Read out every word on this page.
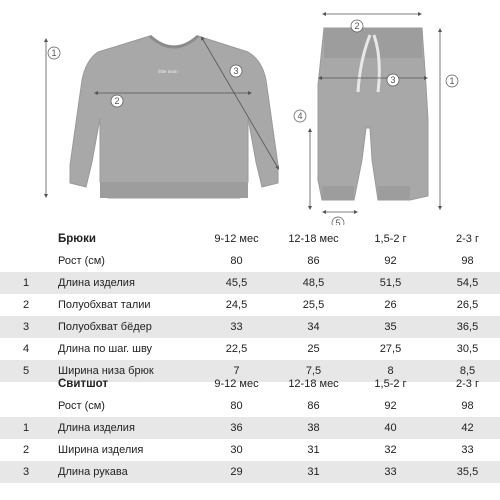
little team
1
2
3
2
3	1
4
5
	Брюки	9-12 мес	12-18 мес	1,5-2 г	2-3 г
	Рост (см)	80	86	92	98
1	Длина изделия	45,5	48,5	51,5	54,5
2	Полуобхват талии	24,5	25,5	26	26,5
3	Полуобхват бёдер	33	34	35	36,5
4	Длина по шаг. шву	22,5	25	27,5	30,5
5	Ширина низа брюк	7	7,5	8	8,5
	Свитшот	9-12 мес	12-18 мес	1,5-2 г	2-3 г
	Рост (см)	80	86	92	98
1	Длина изделия	36	38	40	42
2	Ширина изделия	30	31	32	33
3	Длина рукава	29	31	33	35,5
